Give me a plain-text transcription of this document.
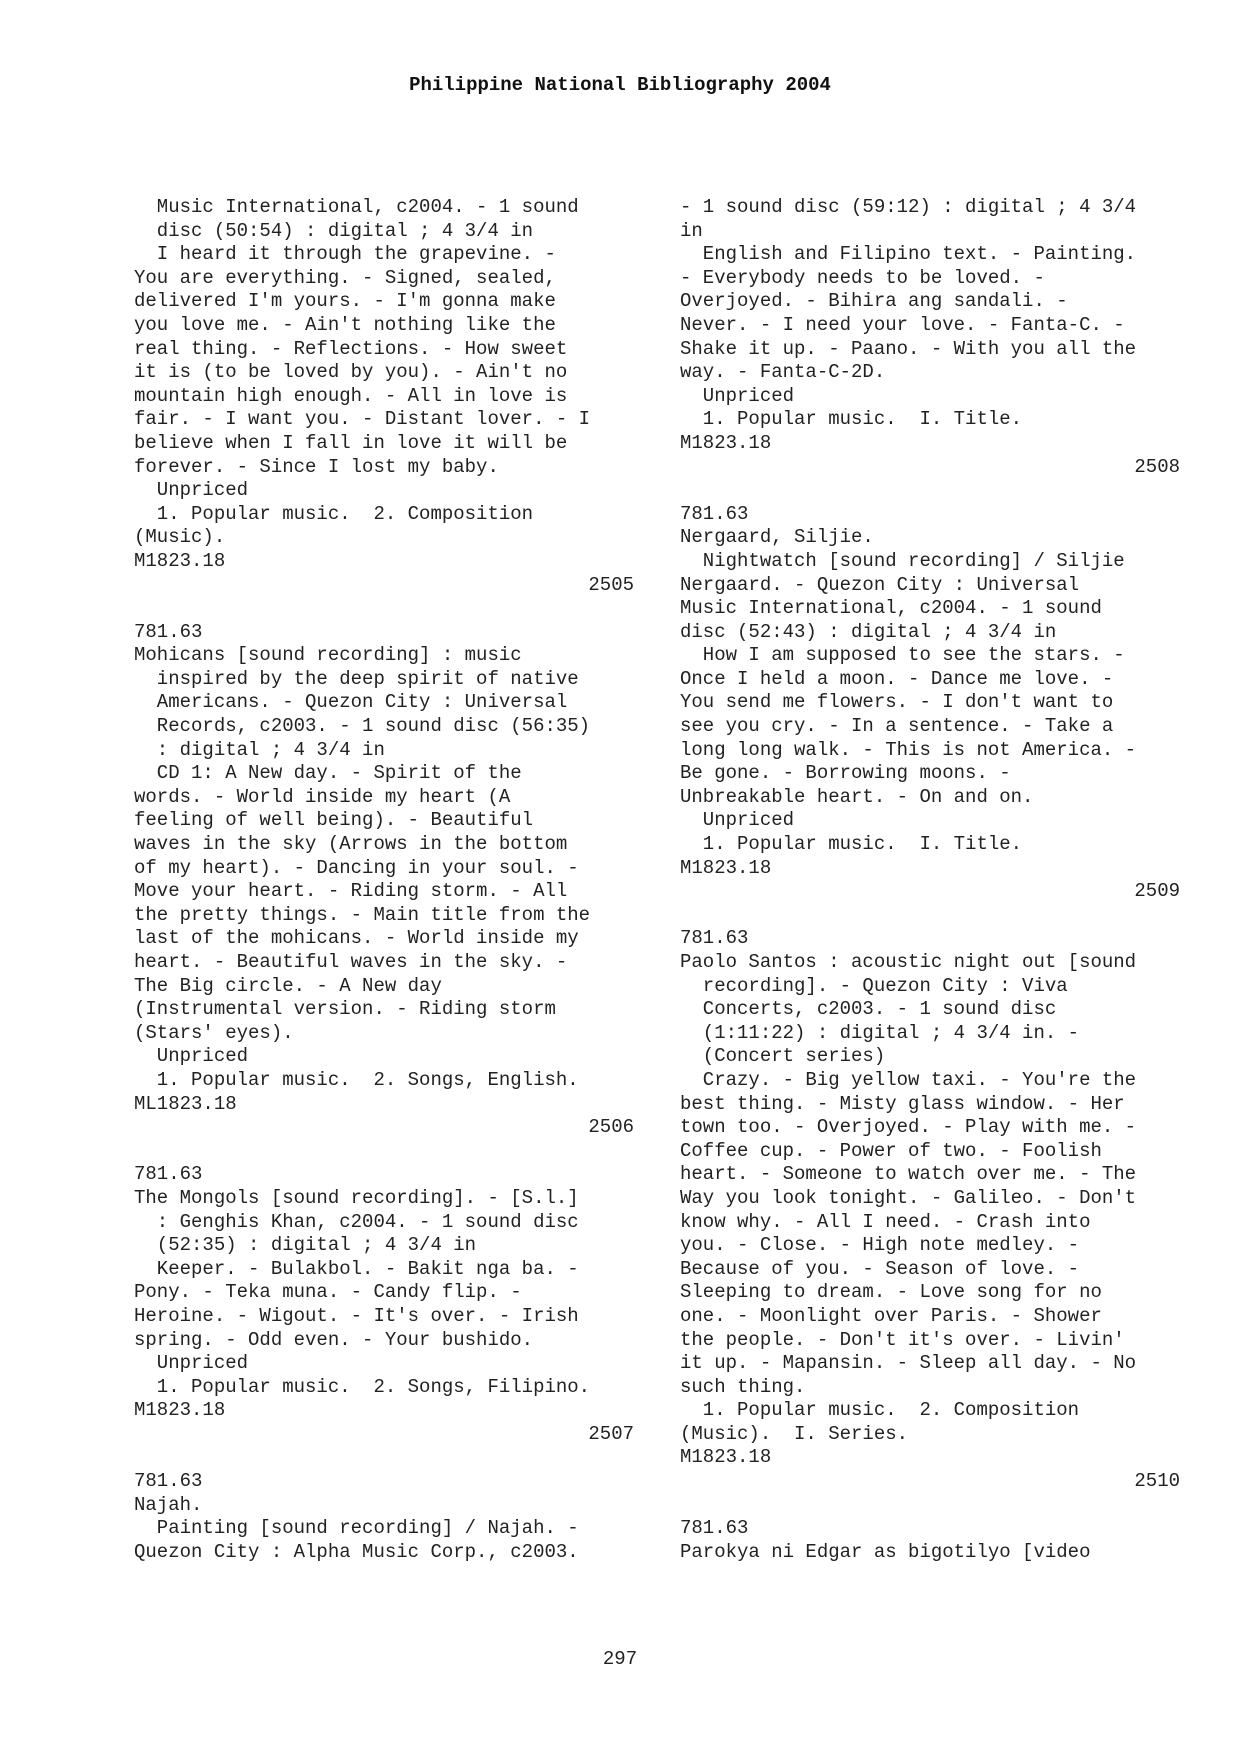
Philippine National Bibliography 2004
Music International, c2004. - 1 sound
disc (50:54) : digital ; 4 3/4 in
I heard it through the grapevine. -
You are everything. - Signed, sealed,
delivered I'm yours. - I'm gonna make
you love me. - Ain't nothing like the
real thing. - Reflections. - How sweet
it is (to be loved by you). - Ain't no
mountain high enough. - All in love is
fair. - I want you. - Distant lover. - I
believe when I fall in love it will be
forever. - Since I lost my baby.
Unpriced
1. Popular music.  2. Composition
(Music).
M1823.18
2505
781.63
Mohicans [sound recording] : music
inspired by the deep spirit of native
Americans. - Quezon City : Universal
Records, c2003. - 1 sound disc (56:35)
: digital ; 4 3/4 in
CD 1: A New day. - Spirit of the
words. - World inside my heart (A
feeling of well being). - Beautiful
waves in the sky (Arrows in the bottom
of my heart). - Dancing in your soul. -
Move your heart. - Riding storm. - All
the pretty things. - Main title from the
last of the mohicans. - World inside my
heart. - Beautiful waves in the sky. -
The Big circle. - A New day
(Instrumental version. - Riding storm
(Stars' eyes).
Unpriced
1. Popular music.  2. Songs, English.
ML1823.18
2506
781.63
The Mongols [sound recording]. - [S.l.]
: Genghis Khan, c2004. - 1 sound disc
(52:35) : digital ; 4 3/4 in
Keeper. - Bulakbol. - Bakit nga ba. -
Pony. - Teka muna. - Candy flip. -
Heroine. - Wigout. - It's over. - Irish
spring. - Odd even. - Your bushido.
Unpriced
1. Popular music.  2. Songs, Filipino.
M1823.18
2507
781.63
Najah.
Painting [sound recording] / Najah. -
Quezon City : Alpha Music Corp., c2003.
- 1 sound disc (59:12) : digital ; 4 3/4
in
English and Filipino text. - Painting.
- Everybody needs to be loved. -
Overjoyed. - Bihira ang sandali. -
Never. - I need your love. - Fanta-C. -
Shake it up. - Paano. - With you all the
way. - Fanta-C-2D.
Unpriced
1. Popular music.  I. Title.
M1823.18
2508
781.63
Nergaard, Siljie.
Nightwatch [sound recording] / Siljie
Nergaard. - Quezon City : Universal
Music International, c2004. - 1 sound
disc (52:43) : digital ; 4 3/4 in
How I am supposed to see the stars. -
Once I held a moon. - Dance me love. -
You send me flowers. - I don't want to
see you cry. - In a sentence. - Take a
long long walk. - This is not America. -
Be gone. - Borrowing moons. -
Unbreakable heart. - On and on.
Unpriced
1. Popular music.  I. Title.
M1823.18
2509
781.63
Paolo Santos : acoustic night out [sound
recording]. - Quezon City : Viva
Concerts, c2003. - 1 sound disc
(1:11:22) : digital ; 4 3/4 in. -
(Concert series)
Crazy. - Big yellow taxi. - You're the
best thing. - Misty glass window. - Her
town too. - Overjoyed. - Play with me. -
Coffee cup. - Power of two. - Foolish
heart. - Someone to watch over me. - The
Way you look tonight. - Galileo. - Don't
know why. - All I need. - Crash into
you. - Close. - High note medley. -
Because of you. - Season of love. -
Sleeping to dream. - Love song for no
one. - Moonlight over Paris. - Shower
the people. - Don't it's over. - Livin'
it up. - Mapansin. - Sleep all day. - No
such thing.
1. Popular music.  2. Composition
(Music).  I. Series.
M1823.18
2510
781.63
Parokya ni Edgar as bigotilyo [video
297
